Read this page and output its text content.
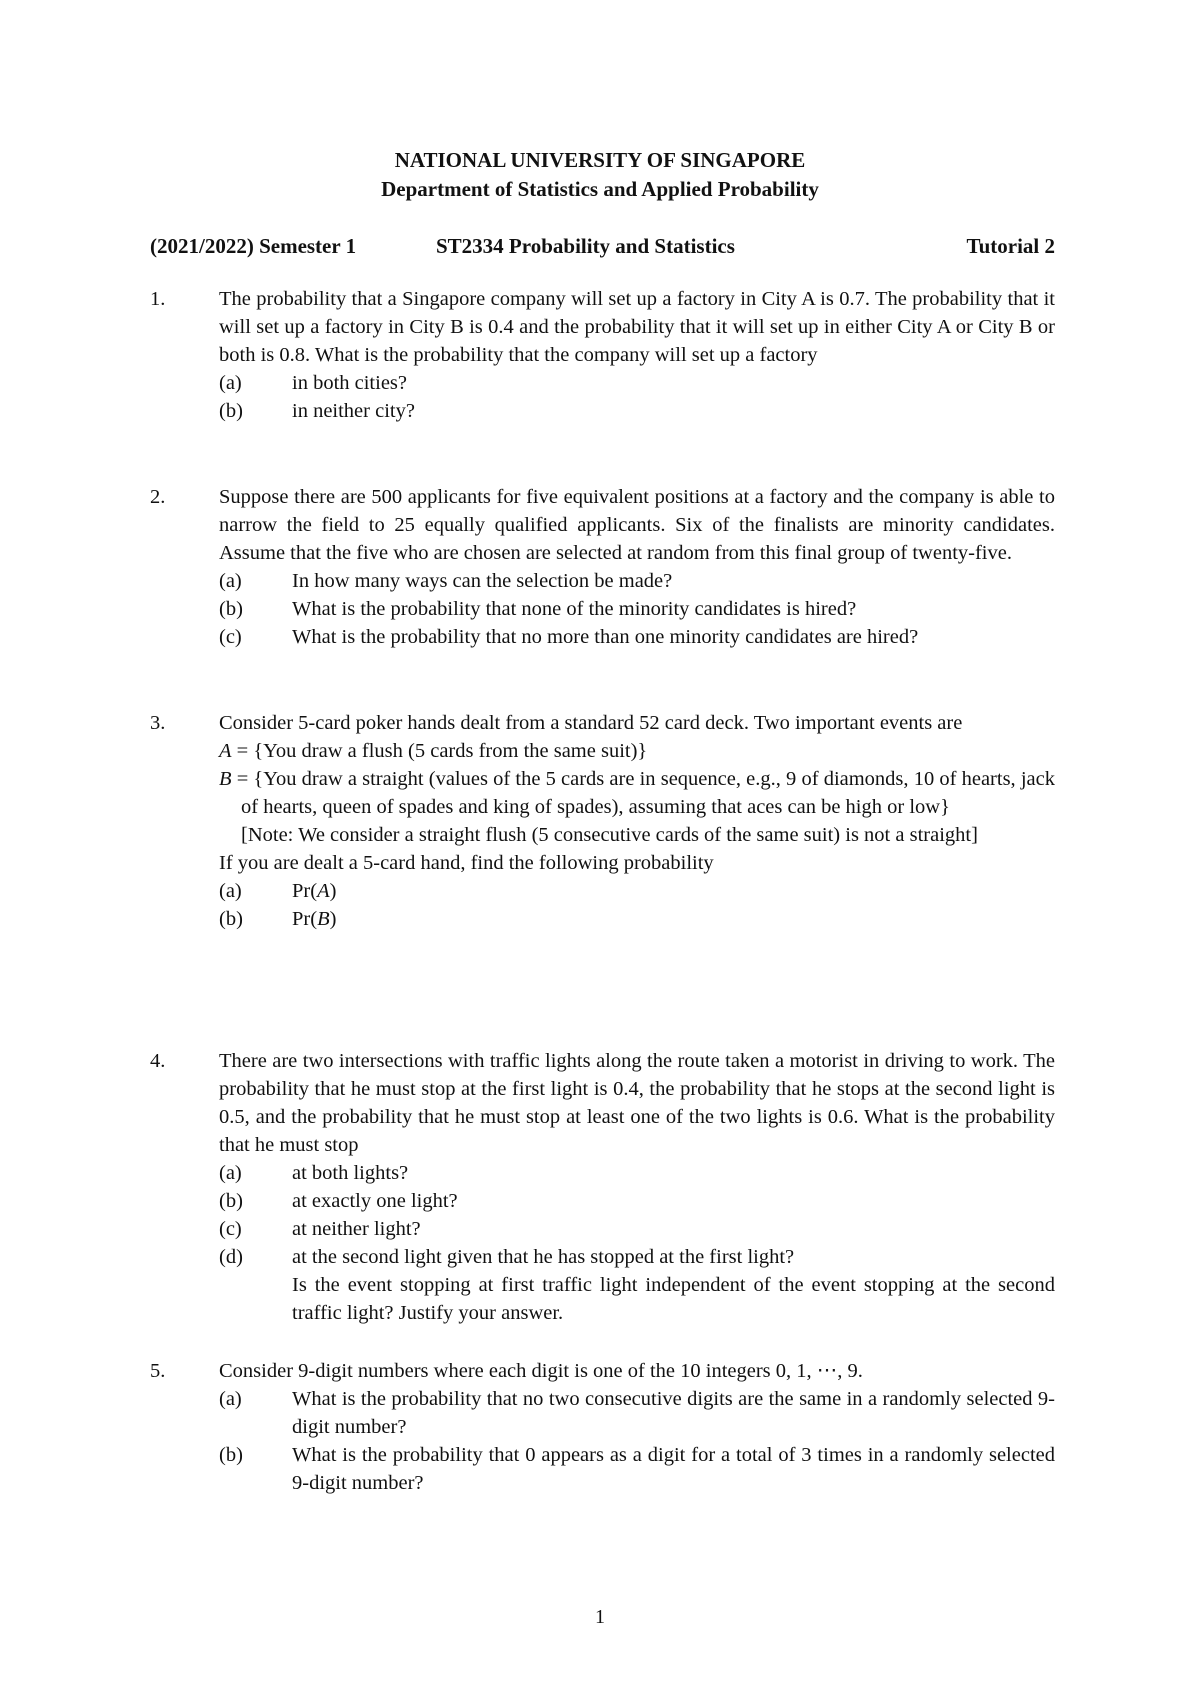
NATIONAL UNIVERSITY OF SINGAPORE
Department of Statistics and Applied Probability
(2021/2022) Semester 1	ST2334 Probability and Statistics	Tutorial 2
1.	The probability that a Singapore company will set up a factory in City A is 0.7. The probability that it will set up a factory in City B is 0.4 and the probability that it will set up in either City A or City B or both is 0.8. What is the probability that the company will set up a factory

(a) in both cities?
(b) in neither city?
2.	Suppose there are 500 applicants for five equivalent positions at a factory and the company is able to narrow the field to 25 equally qualified applicants. Six of the finalists are minority candidates. Assume that the five who are chosen are selected at random from this final group of twenty-five.

(a) In how many ways can the selection be made?
(b) What is the probability that none of the minority candidates is hired?
(c) What is the probability that no more than one minority candidates are hired?
3.	Consider 5-card poker hands dealt from a standard 52 card deck. Two important events are

A = {You draw a flush (5 cards from the same suit)}

B = {You draw a straight (values of the 5 cards are in sequence, e.g., 9 of diamonds, 10 of hearts, jack of hearts, queen of spades and king of spades), assuming that aces can be high or low}

[Note: We consider a straight flush (5 consecutive cards of the same suit) is not a straight]

If you are dealt a 5-card hand, find the following probability

(a) Pr(A)
(b) Pr(B)
4.	There are two intersections with traffic lights along the route taken a motorist in driving to work. The probability that he must stop at the first light is 0.4, the probability that he stops at the second light is 0.5, and the probability that he must stop at least one of the two lights is 0.6. What is the probability that he must stop

(a) at both lights?
(b) at exactly one light?
(c) at neither light?
(d) at the second light given that he has stopped at the first light?
Is the event stopping at first traffic light independent of the event stopping at the second traffic light? Justify your answer.
5.	Consider 9-digit numbers where each digit is one of the 10 integers 0, 1, ⋯, 9.

(a) What is the probability that no two consecutive digits are the same in a randomly selected 9-digit number?
(b) What is the probability that 0 appears as a digit for a total of 3 times in a randomly selected 9-digit number?
1
